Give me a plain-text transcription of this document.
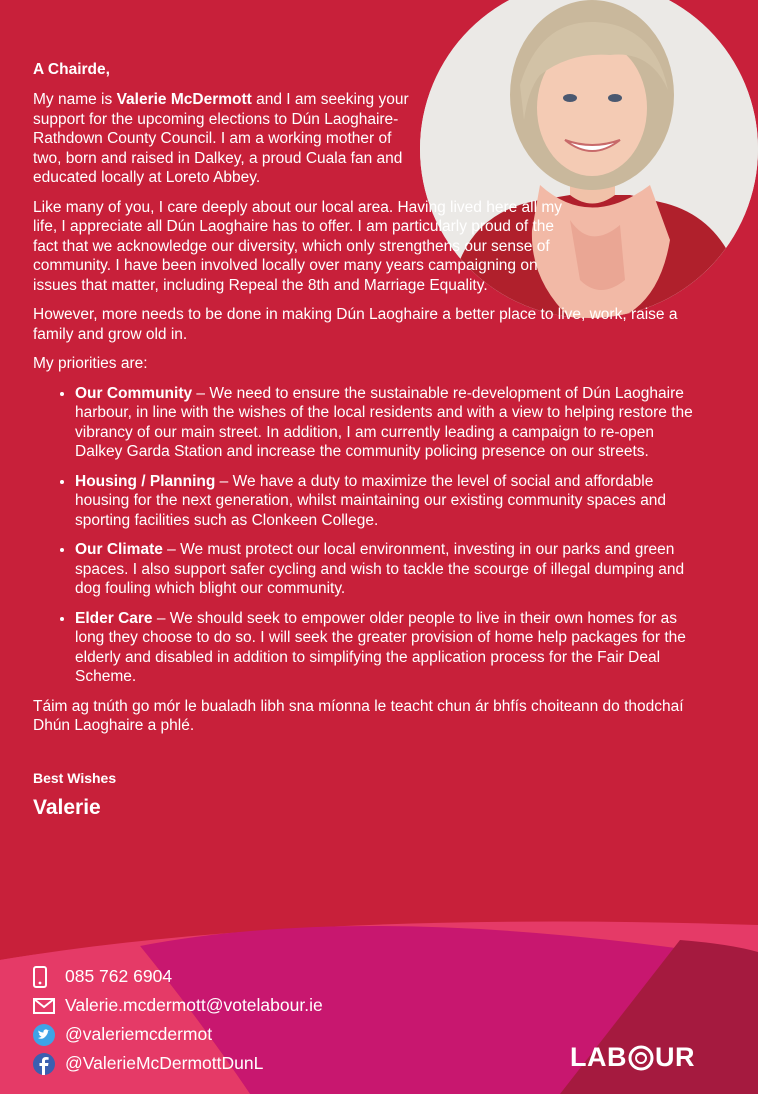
A Chairde,

My name is Valerie McDermott and I am seeking your support for the upcoming elections to Dún Laoghaire-Rathdown County Council. I am a working mother of two, born and raised in Dalkey, a proud Cuala fan and educated locally at Loreto Abbey.

Like many of you, I care deeply about our local area. Having lived here all my life, I appreciate all Dún Laoghaire has to offer. I am particularly proud of the fact that we acknowledge our diversity, which only strengthens our sense of community. I have been involved locally over many years campaigning on issues that matter, including Repeal the 8th and Marriage Equality.

However, more needs to be done in making Dún Laoghaire a better place to live, work, raise a family and grow old in.

My priorities are:

• Our Community – We need to ensure the sustainable re-development of Dún Laoghaire harbour, in line with the wishes of the local residents and with a view to helping restore the vibrancy of our main street. In addition, I am currently leading a campaign to re-open Dalkey Garda Station and increase the community policing presence on our streets.
• Housing / Planning – We have a duty to maximize the level of social and affordable housing for the next generation, whilst maintaining our existing community spaces and sporting facilities such as Clonkeen College.
• Our Climate – We must protect our local environment, investing in our parks and green spaces. I also support safer cycling and wish to tackle the scourge of illegal dumping and dog fouling which blight our community.
• Elder Care – We should seek to empower older people to live in their own homes for as long they choose to do so. I will seek the greater provision of home help packages for the elderly and disabled in addition to simplifying the application process for the Fair Deal Scheme.

Táim ag tnúth go mór le bualadh libh sna míonna le teacht chun ár bhfís choiteann do thodchaí Dhún Laoghaire a phlé.

Best Wishes
Valerie
085 762 6904
Valerie.mcdermott@votelabour.ie
@valeriemcdermot
@ValerieMcDermottDunL	LAB UR
